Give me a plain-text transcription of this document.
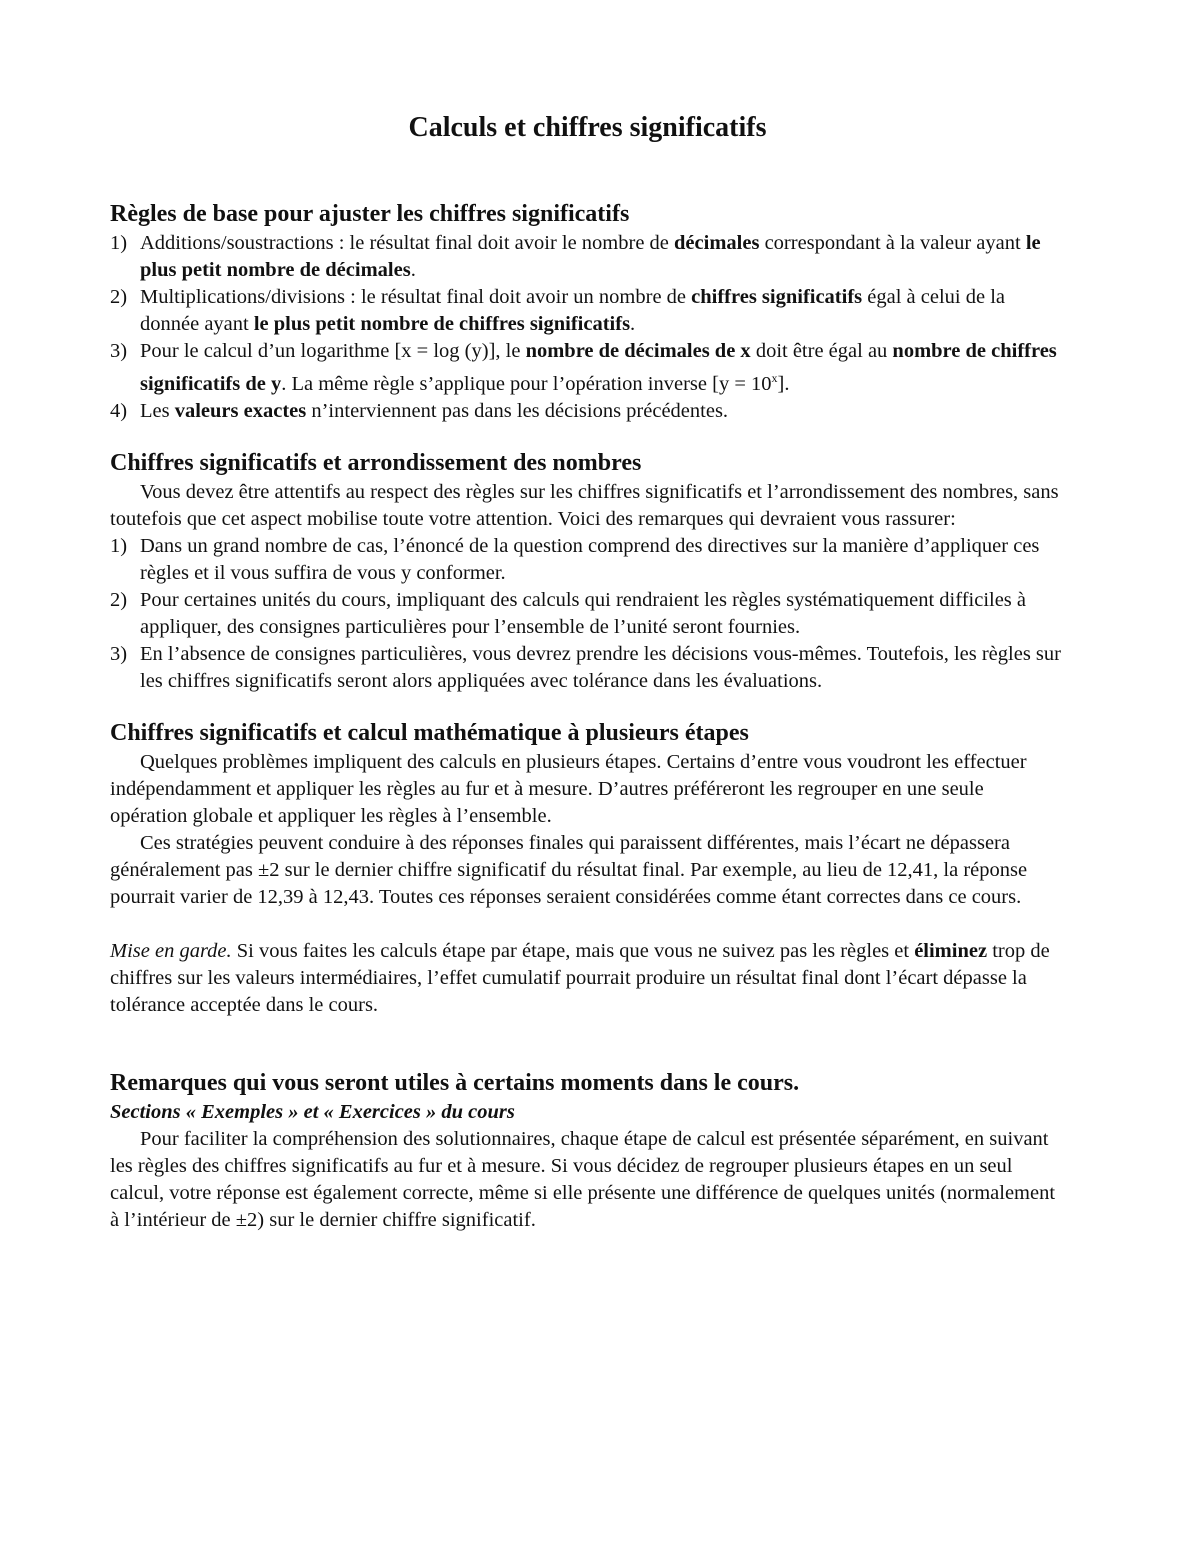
Calculs et chiffres significatifs
Règles de base pour ajuster les chiffres significatifs
1) Additions/soustractions : le résultat final doit avoir le nombre de décimales correspondant à la valeur ayant le plus petit nombre de décimales.
2) Multiplications/divisions : le résultat final doit avoir un nombre de chiffres significatifs égal à celui de la donnée ayant le plus petit nombre de chiffres significatifs.
3) Pour le calcul d’un logarithme [x = log (y)], le nombre de décimales de x doit être égal au nombre de chiffres significatifs de y. La même règle s’applique pour l’opération inverse $[y = 10^x]$.
4) Les valeurs exactes n’interviennent pas dans les décisions précédentes.
Chiffres significatifs et arrondissement des nombres

Vous devez être attentifs au respect des règles sur les chiffres significatifs et l’arrondissement des nombres, sans toutefois que cet aspect mobilise toute votre attention. Voici des remarques qui devraient vous rassurer:

1) Dans un grand nombre de cas, l’énoncé de la question comprend des directives sur la manière d’appliquer ces règles et il vous suffira de vous y conformer.
2) Pour certaines unités du cours, impliquant des calculs qui rendraient les règles systématiquement difficiles à appliquer, des consignes particulières pour l’ensemble de l’unité seront fournies.
3) En l’absence de consignes particulières, vous devrez prendre les décisions vous-mêmes. Toutefois, les règles sur les chiffres significatifs seront alors appliquées avec tolérance dans les évaluations.
Chiffres significatifs et calcul mathématique à plusieurs étapes

Quelques problèmes impliquent des calculs en plusieurs étapes. Certains d’entre vous voudront les effectuer indépendamment et appliquer les règles au fur et à mesure. D’autres préféreront les regrouper en une seule opération globale et appliquer les règles à l’ensemble.

Ces stratégies peuvent conduire à des réponses finales qui paraissent différentes, mais l’écart ne dépassera généralement pas ±2 sur le dernier chiffre significatif du résultat final. Par exemple, au lieu de 12,41, la réponse pourrait varier de 12,39 à 12,43. Toutes ces réponses seraient considérées comme étant correctes dans ce cours.

Mise en garde. Si vous faites les calculs étape par étape, mais que vous ne suivez pas les règles et éliminez trop de chiffres sur les valeurs intermédiaires, l’effet cumulatif pourrait produire un résultat final dont l’écart dépasse la tolérance acceptée dans le cours.

Remarques qui vous seront utiles à certains moments dans le cours.
Sections « Exemples » et « Exercices » du cours

Pour faciliter la compréhension des solutionnaires, chaque étape de calcul est présentée séparément, en suivant les règles des chiffres significatifs au fur et à mesure. Si vous décidez de regrouper plusieurs étapes en un seul calcul, votre réponse est également correcte, même si elle présente une différence de quelques unités (normalement à l’intérieur de ±2) sur le dernier chiffre significatif.
